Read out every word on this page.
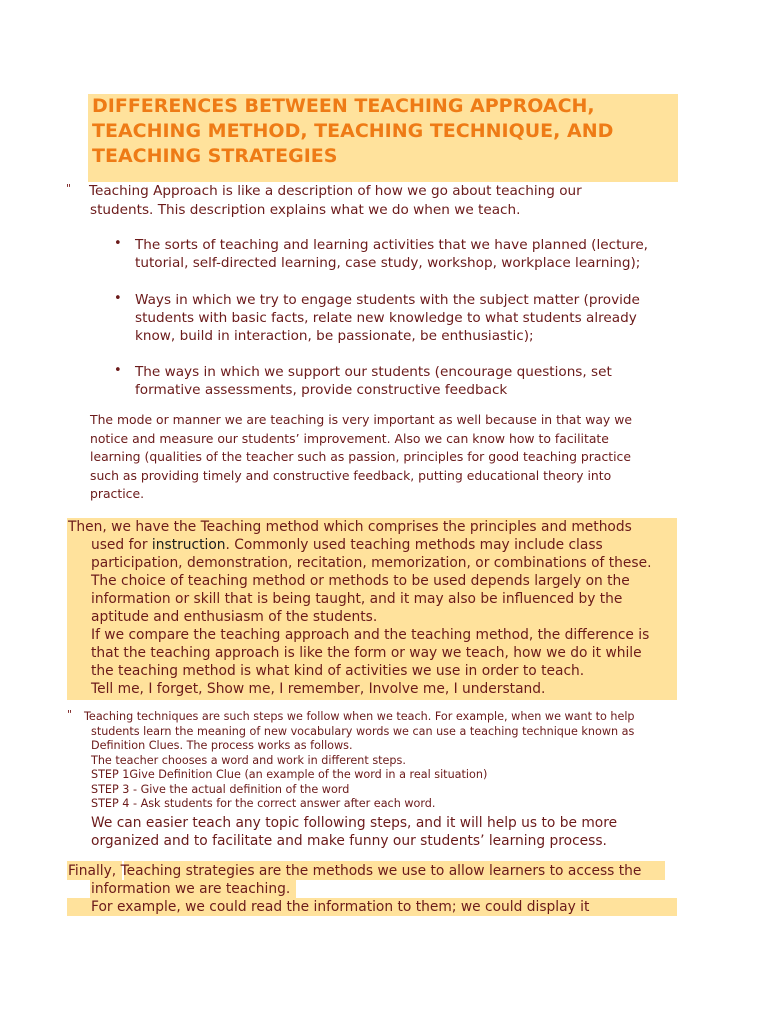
DIFFERENCES BETWEEN TEACHING APPROACH,
TEACHING METHOD, TEACHING TECHNIQUE, AND
TEACHING STRATEGIES
" Teaching Approach is like a description of how we go about teaching our
students. This description explains what we do when we teach.
• The sorts of teaching and learning activities that we have planned (lecture,
tutorial, self-directed learning, case study, workshop, workplace learning);
• Ways in which we try to engage students with the subject matter (provide
students with basic facts, relate new knowledge to what students already
know, build in interaction, be passionate, be enthusiastic);
• The ways in which we support our students (encourage questions, set
formative assessments, provide constructive feedback
The mode or manner we are teaching is very important as well because in that way we
notice and measure our students’ improvement. Also we can know how to facilitate
learning (qualities of the teacher such as passion, principles for good teaching practice
such as providing timely and constructive feedback, putting educational theory into
practice.
Then, we have the Teaching method which comprises the principles and methods
used for instruction. Commonly used teaching methods may include class
participation, demonstration, recitation, memorization, or combinations of these.
The choice of teaching method or methods to be used depends largely on the
information or skill that is being taught, and it may also be influenced by the
aptitude and enthusiasm of the students.
If we compare the teaching approach and the teaching method, the difference is
that the teaching approach is like the form or way we teach, how we do it while
the teaching method is what kind of activities we use in order to teach.
Tell me, I forget, Show me, I remember, Involve me, I understand.
" Teaching techniques are such steps we follow when we teach. For example, when we want to help
students learn the meaning of new vocabulary words we can use a teaching technique known as
Definition Clues. The process works as follows.
The teacher chooses a word and work in different steps.
STEP 1Give Definition Clue (an example of the word in a real situation)
STEP 3 - Give the actual definition of the word
STEP 4 - Ask students for the correct answer after each word.
We can easier teach any topic following steps, and it will help us to be more
organized and to facilitate and make funny our students’ learning process.
Finally, Teaching strategies are the methods we use to allow learners to access the
information we are teaching.
For example, we could read the information to them; we could display it
